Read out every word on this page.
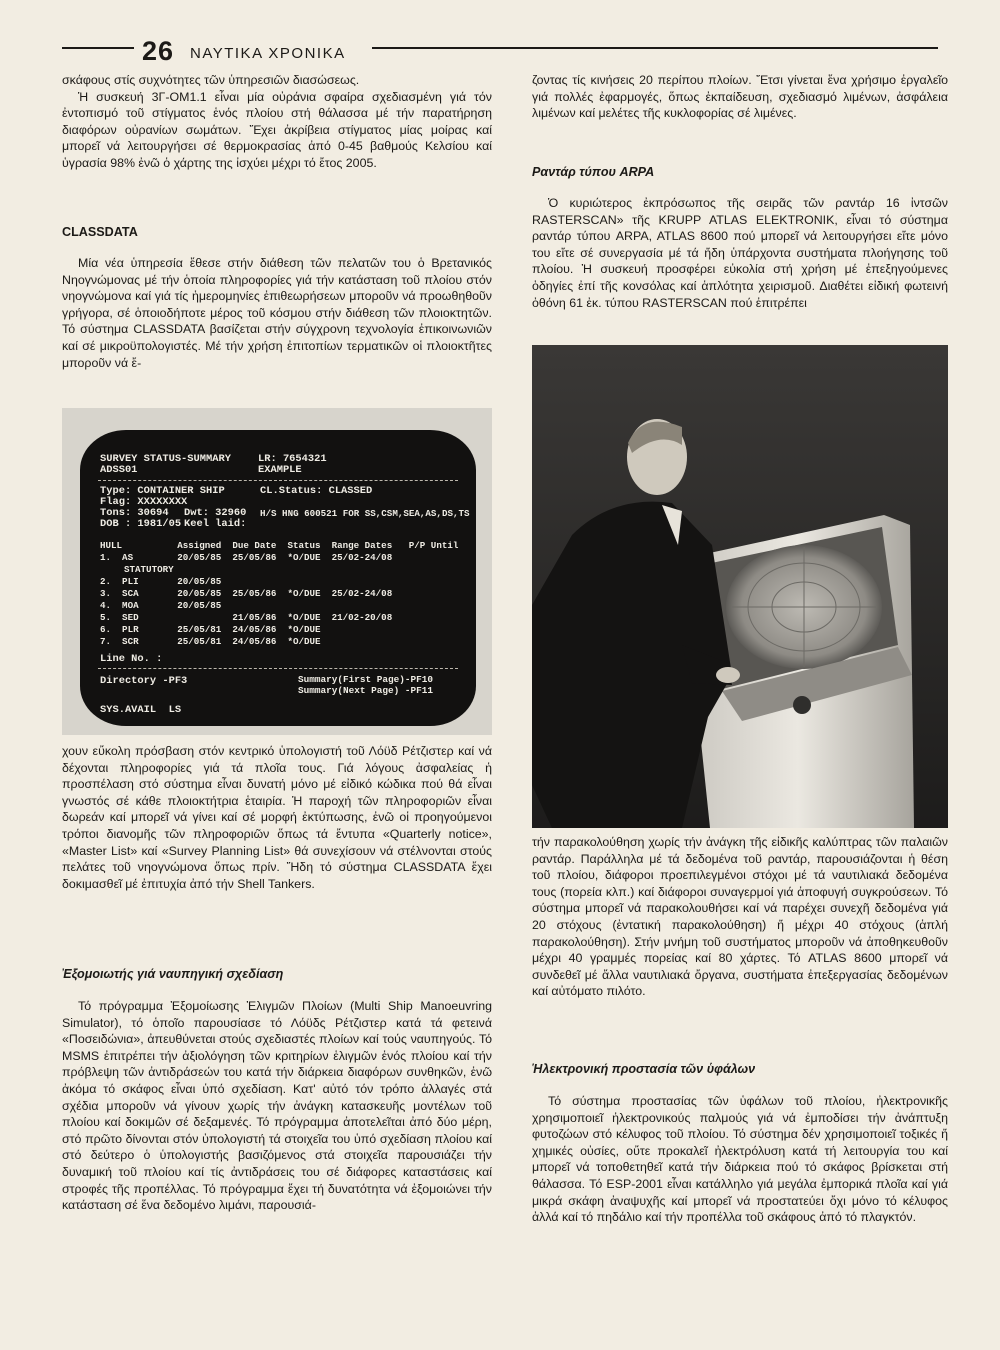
26 ΝΑΥΤΙΚΑ ΧΡΟΝΙΚΑ

σκάφους στίς συχνότητες τῶν ὑπηρεσιῶν διασώσεως.

Ἡ συσκευή 3Γ-ΟΜ1.1 εἶναι μία οὐράνια σφαίρα σχεδιασμένη γιά τόν ἐντοπισμό τοῦ στίγματος ἑνός πλοίου στή θάλασσα μέ τήν παρατήρηση διαφόρων οὐρανίων σωμάτων. Ἔχει ἀκρίβεια στίγματος μίας μοίρας καί μπορεῖ νά λειτουργήσει σέ θερμοκρασίας ἀπό 0-45 βαθμούς Κελσίου καί ὑγρασία 98% ἐνῶ ὁ χάρτης της ἰσχύει μέχρι τό ἔτος 2005.

CLASSDATA

Μία νέα ὑπηρεσία ἔθεσε στήν διάθεση τῶν πελατῶν του ὁ Βρετανικός Νηογνώμονας μέ τήν ὁποία πληροφορίες γιά τήν κατάσταση τοῦ πλοίου στόν νηογνώμονα καί γιά τίς ἡμερομηνίες ἐπιθεωρήσεων μποροῦν νά προωθηθοῦν γρήγορα, σέ ὁποιοδήποτε μέρος τοῦ κόσμου στήν διάθεση τῶν πλοιοκτητῶν. Τό σύστημα CLASSDATA βασίζεται στήν σύγχρονη τεχνολογία ἐπικοινωνιῶν καί σέ μικροϋπολογιστές. Μέ τήν χρήση ἐπιτοπίων τερματικῶν οἱ πλοιοκτῆτες μποροῦν νά ἔ-

SURVEY STATUS-SUMMARY
ADSS01
LR: 7654321
EXAMPLE
Type: CONTAINER SHIP	CL.Status: CLASSED
Flag: XXXXXXXX
Tons: 30694 Dwt: 32960 H/S HNG 600521 FOR SS,CSM,SEA,AS,DS,TS
DOB : 1981/05 Keel laid:
HULL          Assigned  Due Date  Status  Range Dates   P/P Until
1.  AS        20/05/85  25/05/86  *O/DUE  25/02-24/08
STATUTORY
2.  PLI       20/05/85
3.  SCA       20/05/85  25/05/86  *O/DUE  25/02-24/08
4.  MOA       20/05/85
5.  SED                 21/05/86  *O/DUE  21/02-20/08
6.  PLR       25/05/81  24/05/86  *O/DUE
7.  SCR       25/05/81  24/05/86  *O/DUE
Line No. :
Directory -PF3	Summary(First Page)-PF10
Summary(Next Page) -PF11
SYS.AVAIL  LS

χουν εὔκολη πρόσβαση στόν κεντρικό ὑπολογιστή τοῦ Λόϋδ Ρέτζιστερ καί νά δέχονται πληροφορίες γιά τά πλοῖα τους. Γιά λόγους ἀσφαλείας ἡ προσπέλαση στό σύστημα εἶναι δυνατή μόνο μέ εἰδικό κώδικα πού θά εἶναι γνωστός σέ κάθε πλοιοκτήτρια ἑταιρία. Ἡ παροχή τῶν πληροφοριῶν εἶναι δωρεάν καί μπορεῖ νά γίνει καί σέ μορφή ἐκτύπωσης, ἐνῶ οἱ προηγούμενοι τρόποι διανομῆς τῶν πληροφοριῶν ὅπως τά ἔντυπα «Quarterly notice», «Master List» καί «Survey Planning List» θά συνεχίσουν νά στέλνονται στούς πελάτες τοῦ νηογνώμονα ὅπως πρίν. Ἤδη τό σύστημα CLASSDATA ἔχει δοκιμασθεῖ μέ ἐπιτυχία ἀπό τήν Shell Tankers.

Ἐξομοιωτής γιά ναυπηγική σχεδίαση

Τό πρόγραμμα Ἐξομοίωσης Ἑλιγμῶν Πλοίων (Multi Ship Manoeuvring Simulator), τό ὁποῖο παρουσίασε τό Λόϋδς Ρέτζιστερ κατά τά φετεινά «Ποσειδώνια», ἀπευθύνεται στούς σχεδιαστές πλοίων καί τούς ναυπηγούς. Τό MSMS ἐπιτρέπει τήν ἀξιολόγηση τῶν κριτηρίων ἑλιγμῶν ἑνός πλοίου καί τήν πρόβλεψη τῶν ἀντιδράσεών του κατά τήν διάρκεια διαφόρων συνθηκῶν, ἐνῶ ἀκόμα τό σκάφος εἶναι ὑπό σχεδίαση. Κατ' αὐτό τόν τρόπο ἀλλαγές στά σχέδια μποροῦν νά γίνουν χωρίς τήν ἀνάγκη κατασκευῆς μοντέλων τοῦ πλοίου καί δοκιμῶν σέ δεξαμενές. Τό πρόγραμμα ἀποτελεῖται ἀπό δύο μέρη, στό πρῶτο δίνονται στόν ὑπολογιστή τά στοιχεῖα του ὑπό σχεδίαση πλοίου καί στό δεύτερο ὁ ὑπολογιστής βασιζόμενος στά στοιχεῖα παρουσιάζει τήν δυναμική τοῦ πλοίου καί τίς ἀντιδράσεις του σέ διάφορες καταστάσεις καί στροφές τῆς προπέλλας. Τό πρόγραμμα ἔχει τή δυνατότητα νά ἐξομοιώνει τήν κατάσταση σέ ἕνα δεδομένο λιμάνι, παρουσιά-

ζοντας τίς κινήσεις 20 περίπου πλοίων. Ἔτσι γίνεται ἕνα χρήσιμο ἐργαλεῖο γιά πολλές ἐφαρμογές, ὅπως ἐκπαίδευση, σχεδιασμό λιμένων, ἀσφάλεια λιμένων καί μελέτες τῆς κυκλοφορίας σέ λιμένες.

Ραντάρ τύπου ARPA

Ὁ κυριώτερος ἐκπρόσωπος τῆς σειρᾶς τῶν ραντάρ 16 ἰντσῶν RASTERSCAN» τῆς KRUPP ATLAS ELEKTRONIK, εἶναι τό σύστημα ραντάρ τύπου ARPA, ATLAS 8600 πού μπορεῖ νά λειτουργήσει εἴτε μόνο του εἴτε σέ συνεργασία μέ τά ἤδη ὑπάρχοντα συστήματα πλοήγησης τοῦ πλοίου. Ἡ συσκευή προσφέρει εὐκολία στή χρήση μέ ἐπεξηγούμενες ὁδηγίες ἐπί τῆς κονσόλας καί ἁπλότητα χειρισμοῦ. Διαθέτει εἰδική φωτεινή ὀθόνη 61 ἐκ. τύπου RASTERSCAN πού ἐπιτρέπει

τήν παρακολούθηση χωρίς τήν ἀνάγκη τῆς εἰδικῆς καλύπτρας τῶν παλαιῶν ραντάρ. Παράλληλα μέ τά δεδομένα τοῦ ραντάρ, παρουσιάζονται ἡ θέση τοῦ πλοίου, διάφοροι προεπιλεγμένοι στόχοι μέ τά ναυτιλιακά δεδομένα τους (πορεία κλπ.) καί διάφοροι συναγερμοί γιά ἀποφυγή συγκρούσεων. Τό σύστημα μπορεῖ νά παρακολουθήσει καί νά παρέχει συνεχῆ δεδομένα γιά 20 στόχους (ἐντατική παρακολούθηση) ἤ μέχρι 40 στόχους (ἁπλή παρακολούθηση). Στήν μνήμη τοῦ συστήματος μποροῦν νά ἀποθηκευθοῦν μέχρι 40 γραμμές πορείας καί 80 χάρτες. Τό ATLAS 8600 μπορεῖ νά συνδεθεῖ μέ ἄλλα ναυτιλιακά ὄργανα, συστήματα ἐπεξεργασίας δεδομένων καί αὐτόματο πιλότο.

Ἡλεκτρονική προστασία τῶν ὑφάλων

Τό σύστημα προστασίας τῶν ὑφάλων τοῦ πλοίου, ἠλεκτρονικῆς χρησιμοποιεῖ ἠλεκτρονικούς παλμούς γιά νά ἐμποδίσει τήν ἀνάπτυξη φυτοζώων στό κέλυφος τοῦ πλοίου. Τό σύστημα δέν χρησιμοποιεῖ τοξικές ἤ χημικές οὐσίες, οὔτε προκαλεῖ ἠλεκτρόλυση κατά τή λειτουργία του καί μπορεῖ νά τοποθετηθεῖ κατά τήν διάρκεια πού τό σκάφος βρίσκεται στή θάλασσα. Τό ESP-2001 εἶναι κατάλληλο γιά μεγάλα ἐμπορικά πλοῖα καί γιά μικρά σκάφη ἀναψυχῆς καί μπορεῖ νά προστατεύει ὄχι μόνο τό κέλυφος ἀλλά καί τό πηδάλιο καί τήν προπέλλα τοῦ σκάφους ἀπό τό πλαγκτόν.
